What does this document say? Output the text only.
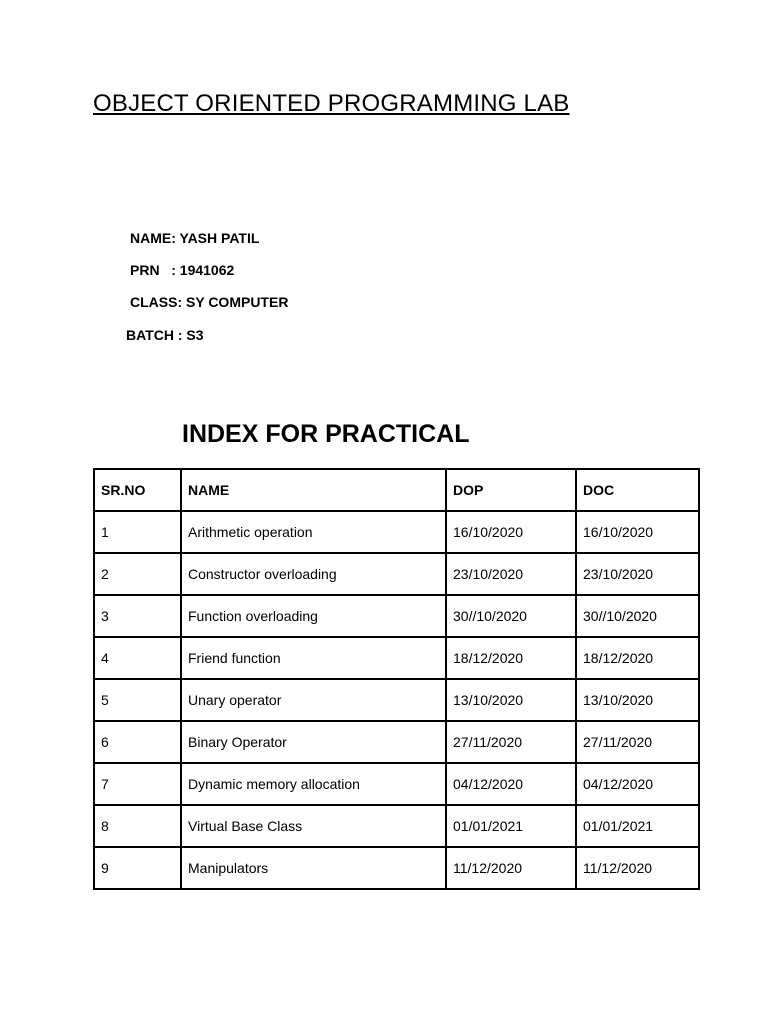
OBJECT ORIENTED PROGRAMMING LAB
NAME: YASH PATIL
PRN   : 1941062
CLASS: SY COMPUTER
BATCH : S3
INDEX FOR PRACTICAL
SR.NO	NAME	DOP	DOC
1	Arithmetic operation	16/10/2020	16/10/2020
2	Constructor overloading	23/10/2020	23/10/2020
3	Function overloading	30//10/2020	30//10/2020
4	Friend function	18/12/2020	18/12/2020
5	Unary operator	13/10/2020	13/10/2020
6	Binary Operator	27/11/2020	27/11/2020
7	Dynamic memory allocation	04/12/2020	04/12/2020
8	Virtual Base Class	01/01/2021	01/01/2021
9	Manipulators	11/12/2020	11/12/2020
